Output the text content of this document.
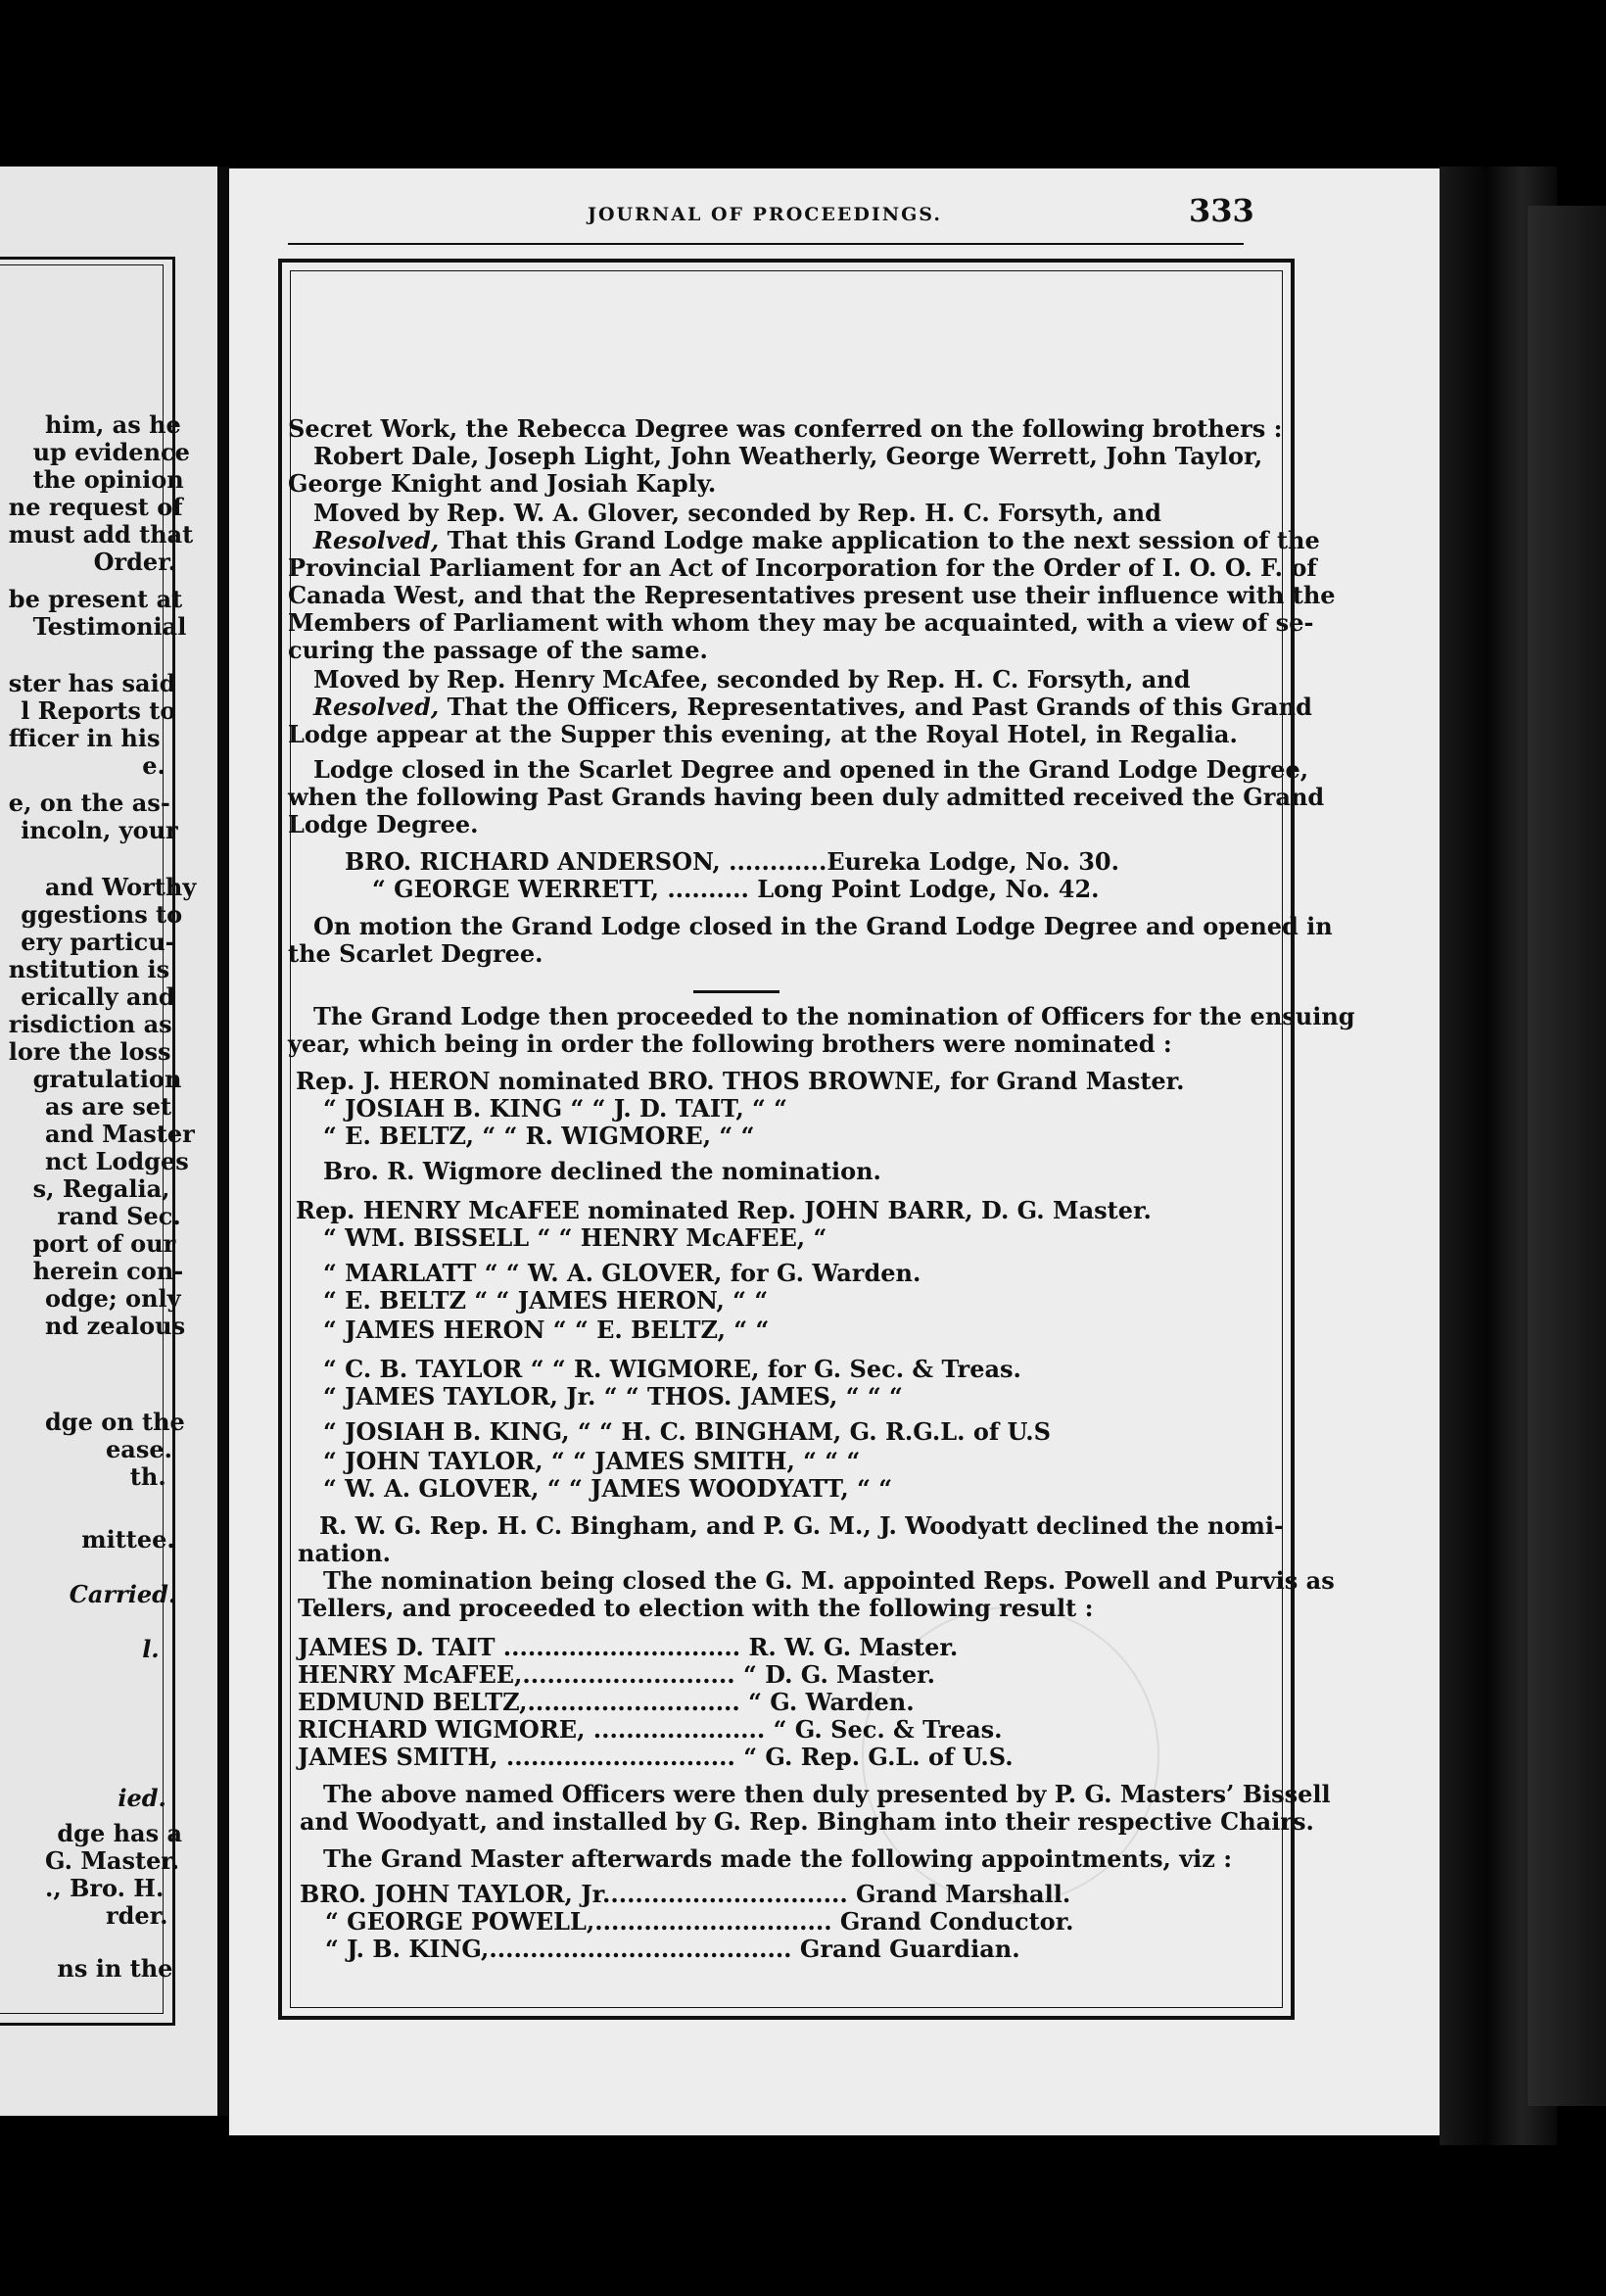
him, as he
up evidence
the opinion
ne request of
must add that
Order.
be present at
Testimonial
ster has said
l Reports to
fficer in his
e.
e, on the as-
incoln, your
and Worthy
ggestions to
ery particu-
nstitution is
erically and
risdiction as
lore the loss
gratulation
as are set
and Master
nct Lodges
s, Regalia,
rand Sec.
port of our
herein con-
odge; only
nd zealous
dge on the
ease.
th.
mittee.
Carried.
l.
ied.
dge has a
G. Master.
., Bro. H.
rder.
ns in the
JOURNAL OF PROCEEDINGS.	333
Secret Work, the Rebecca Degree was conferred on the following brothers :
Robert Dale, Joseph Light, John Weatherly, George Werrett, John Taylor,
George Knight and Josiah Kaply.
Moved by Rep. W. A. Glover, seconded by Rep. H. C. Forsyth, and
Resolved, That this Grand Lodge make application to the next session of the
Provincial Parliament for an Act of Incorporation for the Order of I. O. O. F. of
Canada West, and that the Representatives present use their influence with the
Members of Parliament with whom they may be acquainted, with a view of se-
curing the passage of the same.
Moved by Rep. Henry McAfee, seconded by Rep. H. C. Forsyth, and
Resolved, That the Officers, Representatives, and Past Grands of this Grand
Lodge appear at the Supper this evening, at the Royal Hotel, in Regalia.
Lodge closed in the Scarlet Degree and opened in the Grand Lodge Degree,
when the following Past Grands having been duly admitted received the Grand
Lodge Degree.
BRO. RICHARD ANDERSON, ............Eureka Lodge, No. 30.
“ GEORGE WERRETT, .......... Long Point Lodge, No. 42.
On motion the Grand Lodge closed in the Grand Lodge Degree and opened in
the Scarlet Degree.
The Grand Lodge then proceeded to the nomination of Officers for the ensuing
year, which being in order the following brothers were nominated :
Rep. J. HERON nominated BRO. THOS BROWNE, for Grand Master.
“ JOSIAH B. KING “ “ J. D. TAIT, “ “
“ E. BELTZ, “ “ R. WIGMORE, “ “
Bro. R. Wigmore declined the nomination.
Rep. HENRY McAFEE nominated Rep. JOHN BARR, D. G. Master.
“ WM. BISSELL “ “ HENRY McAFEE, “
“ MARLATT “ “ W. A. GLOVER, for G. Warden.
“ E. BELTZ “ “ JAMES HERON, “ “
“ JAMES HERON “ “ E. BELTZ, “ “
“ C. B. TAYLOR “ “ R. WIGMORE, for G. Sec. & Treas.
“ JAMES TAYLOR, Jr. “ “ THOS. JAMES, “ “ “
“ JOSIAH B. KING, “ “ H. C. BINGHAM, G. R.G.L. of U.S
“ JOHN TAYLOR, “ “ JAMES SMITH, “ “ “
“ W. A. GLOVER, “ “ JAMES WOODYATT, “ “
R. W. G. Rep. H. C. Bingham, and P. G. M., J. Woodyatt declined the nomi-
nation.
The nomination being closed the G. M. appointed Reps. Powell and Purvis as
Tellers, and proceeded to election with the following result :
JAMES D. TAIT ............................. R. W. G. Master.
HENRY McAFEE,.......................... “ D. G. Master.
EDMUND BELTZ,.......................... “ G. Warden.
RICHARD WIGMORE, ..................... “ G. Sec. & Treas.
JAMES SMITH, ............................ “ G. Rep. G.L. of U.S.
The above named Officers were then duly presented by P. G. Masters’ Bissell
and Woodyatt, and installed by G. Rep. Bingham into their respective Chairs.
The Grand Master afterwards made the following appointments, viz :
BRO. JOHN TAYLOR, Jr.............................. Grand Marshall.
“ GEORGE POWELL,............................. Grand Conductor.
“ J. B. KING,..................................... Grand Guardian.
